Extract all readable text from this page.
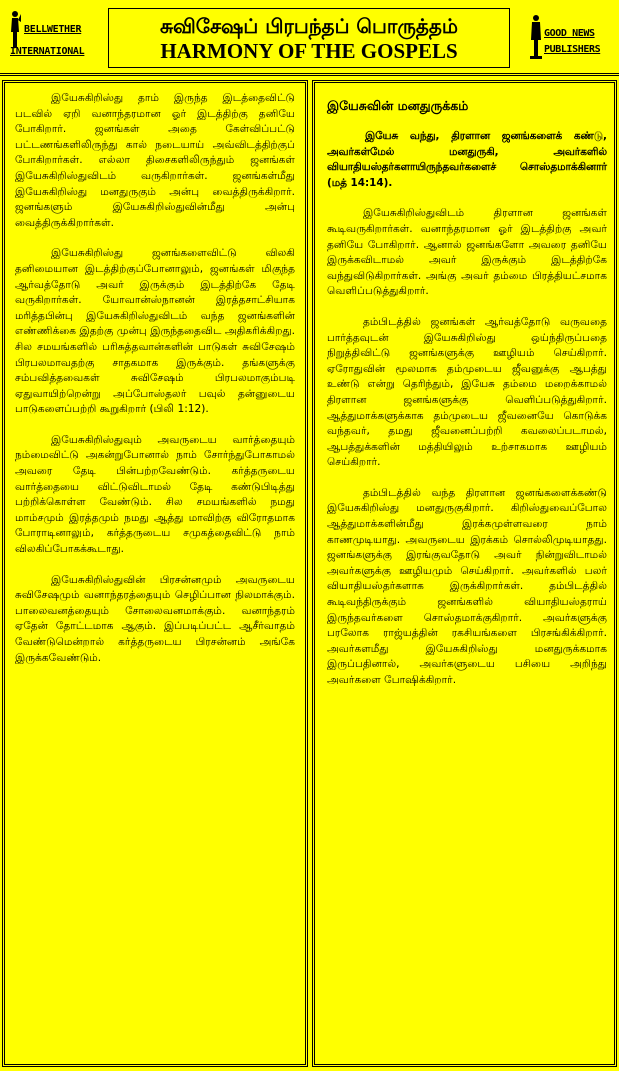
BELLWETHER
INTERNATIONAL
சுவிசேஷப் பிரபந்தப் பொருத்தம்
HARMONY OF THE GOSPELS
GOOD NEWS
PUBLISHERS

இயேசுகிறிஸ்து தாம் இருந்த இடத்தைவிட்டு படவில் ஏறி வனாந்தரமான ஓர் இடத்திற்கு தனியே போகிறார். ஜனங்கள் அதை கேள்விப்பட்டு பட்டணங்களிலிருந்து கால் நடையாய் அவ்விடத்திற்குப் போகிறார்கள். எல்லா திசைகளிலிருந்தும் ஜனங்கள் இயேசுகிறிஸ்துவிடம் வருகிறார்கள். ஜனங்கள்மீது இயேசுகிறிஸ்து மனதுருகும் அன்பு வைத்திருக்கிறார். ஜனங்களும் இயேசுகிறிஸ்துவின்மீது அன்பு வைத்திருக்கிறார்கள்.

இயேசுகிறிஸ்து ஜனங்களைவிட்டு விலகி தனிமையான இடத்திற்குப்போனாலும், ஜனங்கள் மிகுந்த ஆர்வத்தோடு அவர் இருக்கும் இடத்திற்கே தேடி வருகிறார்கள். யோவான்ஸ்நானன் இரத்தசாட்சியாக மரித்தபின்பு இயேசுகிறிஸ்துவிடம் வந்த ஜனங்களின் எண்ணிக்கை இதற்கு முன்பு இருந்ததைவிட அதிகரிக்கிறது. சில சமயங்களில் பரிசுத்தவான்களின் பாடுகள் சுவிசேஷம் பிரபலமாவதற்கு சாதகமாக இருக்கும். தங்களுக்கு சம்பவித்தவைகள் சுவிசேஷம் பிரபலமாகும்படி ஏதுவாயிற்றென்று அப்போஸ்தலர் பவுல் தன்னுடைய பாடுகளைப்பற்றி கூறுகிறார் (பிலி 1:12).

இயேசுகிறிஸ்துவும் அவருடைய வார்த்தையும் நம்மைவிட்டு அகன்றுபோனால் நாம் சோர்ந்துபோகாமல் அவரை தேடி பின்பற்றவேண்டும். கர்த்தருடைய வார்த்தையை விட்டுவிடாமல் தேடி கண்டுபிடித்து பற்றிக்கொள்ள வேண்டும். சில சமயங்களில் நமது மாம்சமும் இரத்தமும் நமது ஆத்து மாவிற்கு விரோதமாக போராடினாலும், கர்த்தருடைய சமுகத்தைவிட்டு நாம் விலகிப்போகக்கூடாது.

இயேசுகிறிஸ்துவின் பிரசன்னமும் அவருடைய சுவிசேஷமும் வனாந்தரத்தையும் செழிப்பான நிலமாக்கும். பாலைவனத்தையும் சோலைவனமாக்கும். வனாந்தரம் ஏதேன் தோட்டமாக ஆகும். இப்படிப்பட்ட ஆசீர்வாதம் வேண்டுமென்றால் கர்த்தருடைய பிரசன்னம் அங்கே இருக்கவேண்டும்.

இயேசுவின் மனதுருக்கம்

இயேசு வந்து, திரளான ஜனங்களைக் கண்டு, அவர்கள்மேல் மனதுருகி, அவர்களில் வியாதியஸ்தர்களாயிருந்தவர்களைச் சொஸ்தமாக்கினார் (மத் 14:14).

இயேசுகிறிஸ்துவிடம் திரளான ஜனங்கள் கூடிவருகிறார்கள். வனாந்தரமான ஓர் இடத்திற்கு அவர் தனியே போகிறார். ஆனால் ஜனங்களோ அவரை தனியே இருக்கவிடாமல் அவர் இருக்கும் இடத்திற்கே வந்துவிடுகிறார்கள். அங்கு அவர் தம்மை பிரத்தியட்சமாக வெளிப்படுத்துகிறார்.

தம்பிடத்தில் ஜனங்கள் ஆர்வத்தோடு வருவதை பார்த்தவுடன் இயேசுகிறிஸ்து ஒய்ந்திருப்பதை நிறுத்திவிட்டு ஜனங்களுக்கு ஊழியம் செய்கிறார். ஏரோதுவின் மூலமாக தம்முடைய ஜீவனுக்கு ஆபத்து உண்டு என்று தெரிந்தும், இயேசு தம்மை மறைக்காமல் திரளான ஜனங்களுக்கு வெளிப்படுத்துகிறார். ஆத்துமாக்களுக்காக தம்முடைய ஜீவனையே கொடுக்க வந்தவர், தமது ஜீவனைப்பற்றி கவலைப்படாமல், ஆபத்துக்களின் மத்தியிலும் உற்சாகமாக ஊழியம் செய்கிறார்.

தம்பிடத்தில் வந்த திரளான ஜனங்களைக்கண்டு இயேசுகிறிஸ்து மனதுருகுகிறார். கிறிஸ்துவைப்போல ஆத்துமாக்களின்மீது இரக்கமுள்ளவரை நாம் காணமுடியாது. அவருடைய இரக்கம் சொல்லிமுடியாதது. ஜனங்களுக்கு இரங்குவதோடு அவர் நின்றுவிடாமல் அவர்களுக்கு ஊழியமும் செய்கிறார். அவர்களில் பலர் வியாதியஸ்தர்களாக இருக்கிறார்கள். தம்பிடத்தில் கூடிவந்திருக்கும் ஜனங்களில் வியாதியஸ்தராய் இருந்தவர்களை சொஸ்தமாக்குகிறார். அவர்களுக்கு பரலோக ராஜ்யத்தின் ரகசியங்களை பிரசங்கிக்கிறார். அவர்களமீது இயேசுகிறிஸ்து மனதுருக்கமாக இருப்பதினால், அவர்களுடைய பசியை அறிந்து அவர்களை போஷிக்கிறார்.
